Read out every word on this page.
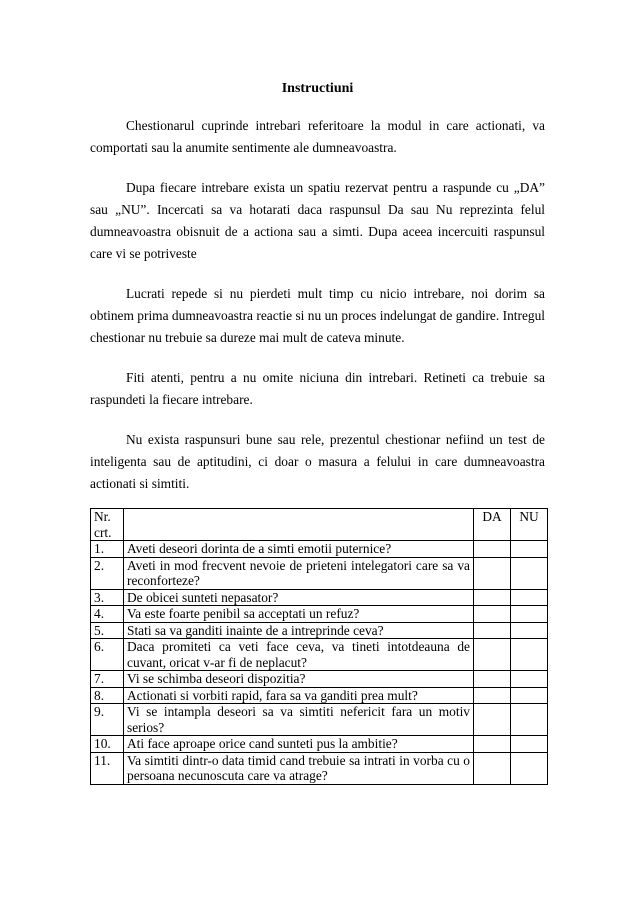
Instructiuni

Chestionarul cuprinde intrebari referitoare la modul in care actionati, va comportati sau la anumite sentimente ale dumneavoastra.

Dupa fiecare intrebare exista un spatiu rezervat pentru a raspunde cu „DA” sau „NU”. Incercati sa va hotarati daca raspunsul Da sau Nu reprezinta felul dumneavoastra obisnuit de a actiona sau a simti. Dupa aceea incercuiti raspunsul care vi se potriveste

Lucrati repede si nu pierdeti mult timp cu nicio intrebare, noi dorim sa obtinem prima dumneavoastra reactie si nu un proces indelungat de gandire. Intregul chestionar nu trebuie sa dureze mai mult de cateva minute.

Fiti atenti, pentru a nu omite niciuna din intrebari. Retineti ca trebuie sa raspundeti la fiecare intrebare.

Nu exista raspunsuri bune sau rele, prezentul chestionar nefiind un test de inteligenta sau de aptitudini, ci doar o masura a felului in care dumneavoastra actionati si simtiti.

Nr. crt.		DA	NU
1.	Aveti deseori dorinta de a simti emotii puternice?		
2.	Aveti in mod frecvent nevoie de prieteni intelegatori care sa va reconforteze?		
3.	De obicei sunteti nepasator?		
4.	Va este foarte penibil sa acceptati un refuz?		
5.	Stati sa va ganditi inainte de a intreprinde ceva?		
6.	Daca promiteti ca veti face ceva, va tineti intotdeauna de cuvant, oricat v-ar fi de neplacut?		
7.	Vi se schimba deseori dispozitia?		
8.	Actionati si vorbiti rapid, fara sa va ganditi prea mult?		
9.	Vi se intampla deseori sa va simtiti nefericit fara un motiv serios?		
10.	Ati face aproape orice cand sunteti pus la ambitie?		
11.	Va simtiti dintr-o data timid cand trebuie sa intrati in vorba cu o persoana necunoscuta care va atrage?		
